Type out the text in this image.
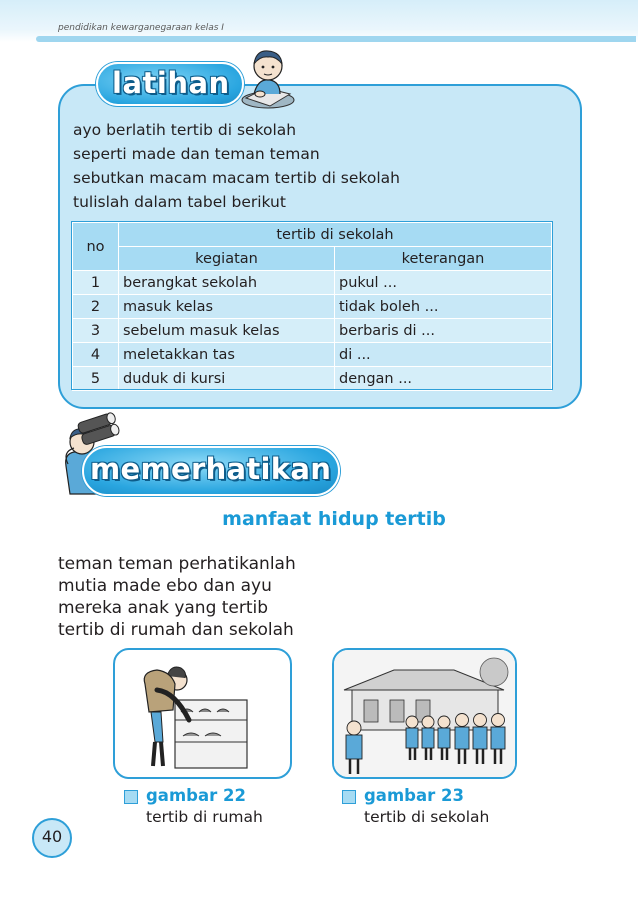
pendidikan kewarganegaraan kelas I
latihan
ayo berlatih tertib di sekolah
seperti made dan teman teman
sebutkan macam macam tertib di sekolah
tulislah dalam tabel berikut
no	tertib di sekolah	
	kegiatan	keterangan
1	berangkat sekolah	pukul ...
2	masuk kelas	tidak boleh ...
3	sebelum masuk kelas	berbaris di ...
4	meletakkan tas	di ...
5	duduk di kursi	dengan ...
memerhatikan
manfaat hidup tertib
teman teman perhatikanlah
mutia made ebo dan ayu
mereka anak yang tertib
tertib di rumah dan sekolah
gambar 22
tertib di rumah
gambar 23
tertib di sekolah
40
